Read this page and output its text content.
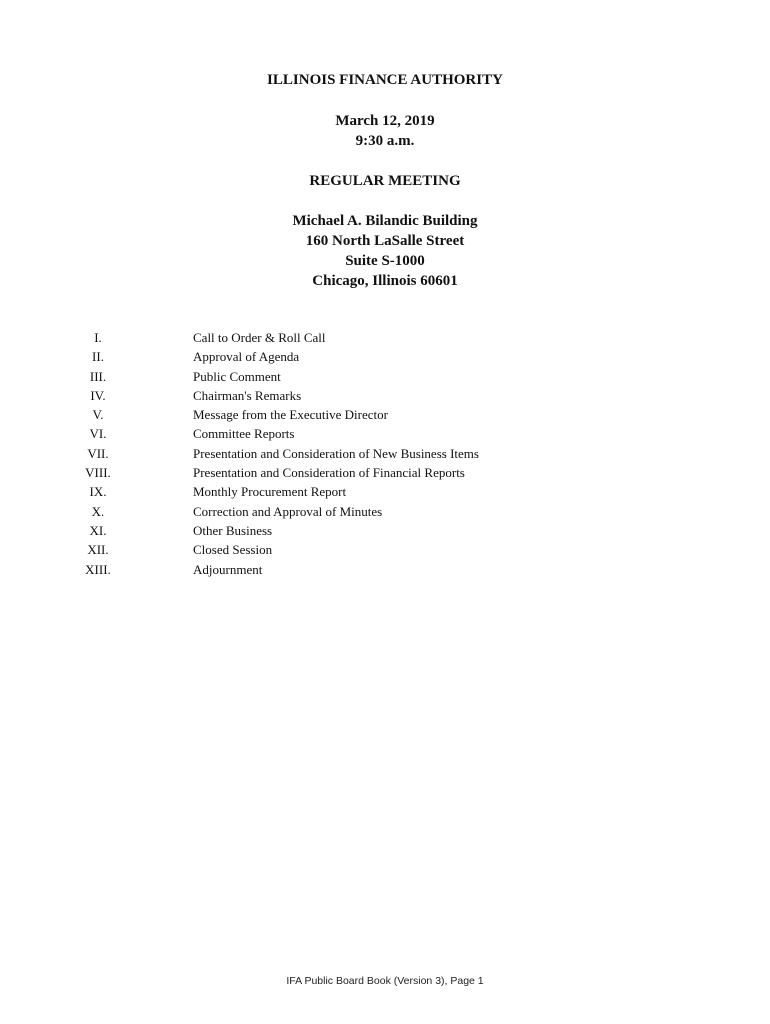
ILLINOIS FINANCE AUTHORITY
March 12, 2019
9:30 a.m.
REGULAR MEETING
Michael A. Bilandic Building
160 North LaSalle Street
Suite S-1000
Chicago, Illinois 60601
I.	Call to Order & Roll Call
II.	Approval of Agenda
III.	Public Comment
IV.	Chairman's Remarks
V.	Message from the Executive Director
VI.	Committee Reports
VII.	Presentation and Consideration of New Business Items
VIII.	Presentation and Consideration of Financial Reports
IX.	Monthly Procurement Report
X.	Correction and Approval of Minutes
XI.	Other Business
XII.	Closed Session
XIII.	Adjournment
IFA Public Board Book (Version 3), Page 1
